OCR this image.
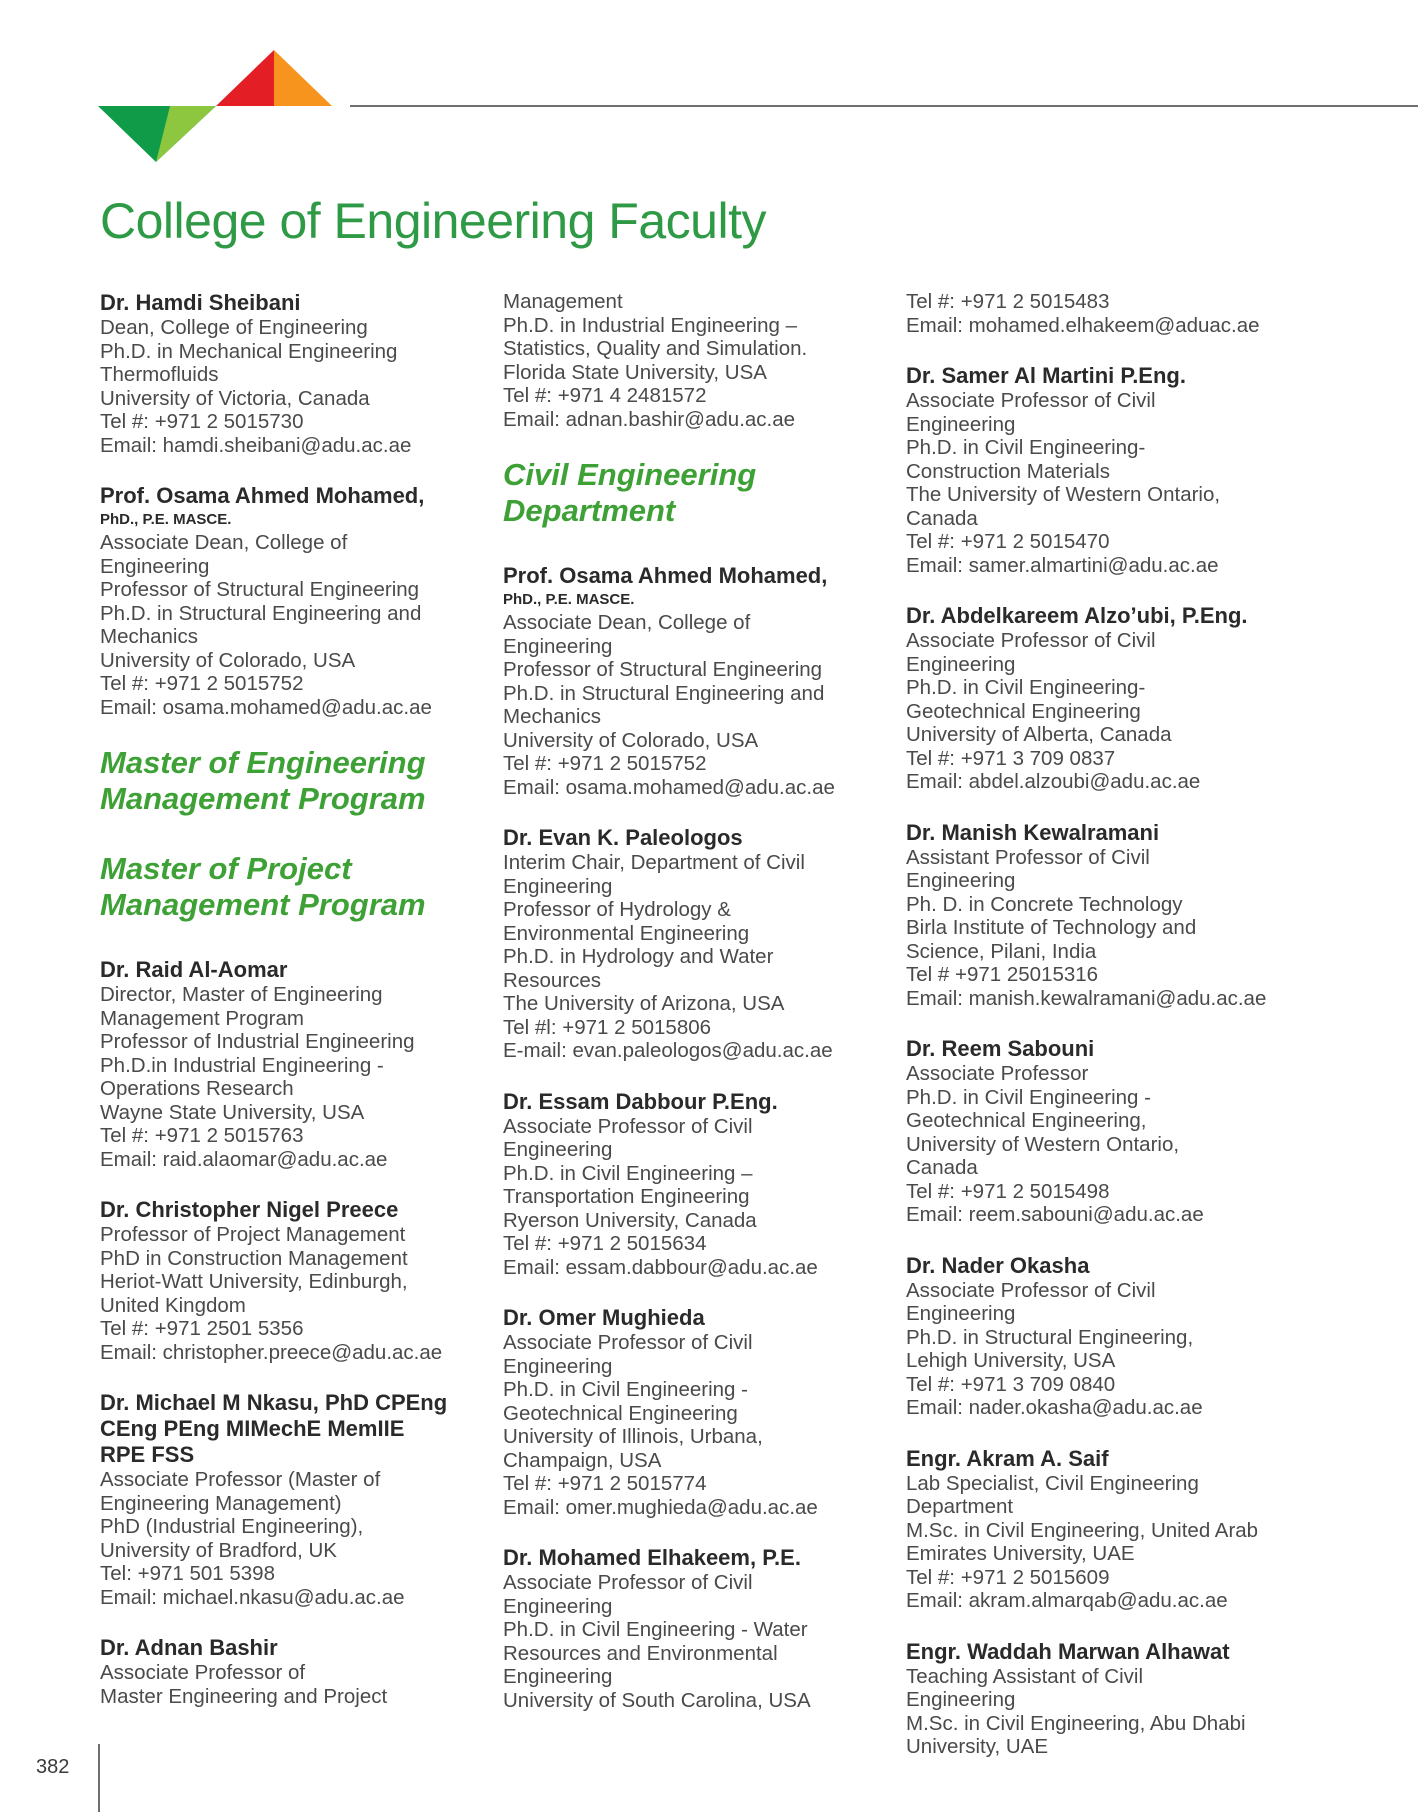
College of Engineering Faculty
Dr. Hamdi Sheibani
Dean, College of Engineering
Ph.D. in Mechanical Engineering
Thermofluids
University of Victoria, Canada
Tel #: +971 2 5015730
Email: hamdi.sheibani@adu.ac.ae
Prof. Osama Ahmed Mohamed,
PhD., P.E. MASCE.
Associate Dean, College of
Engineering
Professor of Structural Engineering
Ph.D. in Structural Engineering and
Mechanics
University of Colorado, USA
Tel #: +971 2 5015752
Email: osama.mohamed@adu.ac.ae
Master of Engineering
Management Program
Master of Project
Management Program
Dr. Raid Al-Aomar
Director, Master of Engineering
Management Program
Professor of Industrial Engineering
Ph.D.in Industrial Engineering -
Operations Research
Wayne State University, USA
Tel #: +971 2 5015763
Email: raid.alaomar@adu.ac.ae
Dr. Christopher Nigel Preece
Professor of Project Management
PhD in Construction Management
Heriot-Watt University, Edinburgh,
United Kingdom
Tel #: +971 2501 5356
Email: christopher.preece@adu.ac.ae
Dr. Michael M Nkasu, PhD CPEng
CEng PEng MIMechE MemIIE
RPE FSS
Associate Professor (Master of
Engineering Management)
PhD (Industrial Engineering),
University of Bradford, UK
Tel: +971 501 5398
Email: michael.nkasu@adu.ac.ae
Dr. Adnan Bashir
Associate Professor of
Master Engineering and Project
Management
Ph.D. in Industrial Engineering –
Statistics, Quality and Simulation.
Florida State University, USA
Tel #: +971 4 2481572
Email: adnan.bashir@adu.ac.ae
Civil Engineering
Department
Prof. Osama Ahmed Mohamed,
PhD., P.E. MASCE.
Associate Dean, College of
Engineering
Professor of Structural Engineering
Ph.D. in Structural Engineering and
Mechanics
University of Colorado, USA
Tel #: +971 2 5015752
Email: osama.mohamed@adu.ac.ae
Dr. Evan K. Paleologos
Interim Chair, Department of Civil
Engineering
Professor of Hydrology &
Environmental Engineering
Ph.D. in Hydrology and Water
Resources
The University of Arizona, USA
Tel #l: +971 2 5015806
E-mail: evan.paleologos@adu.ac.ae
Dr. Essam Dabbour P.Eng.
Associate Professor of Civil
Engineering
Ph.D. in Civil Engineering –
Transportation Engineering
Ryerson University, Canada
Tel #: +971 2 5015634
Email: essam.dabbour@adu.ac.ae
Dr. Omer Mughieda
Associate Professor of Civil
Engineering
Ph.D. in Civil Engineering -
Geotechnical Engineering
University of Illinois, Urbana,
Champaign, USA
Tel #: +971 2 5015774
Email: omer.mughieda@adu.ac.ae
Dr. Mohamed Elhakeem, P.E.
Associate Professor of Civil
Engineering
Ph.D. in Civil Engineering - Water
Resources and Environmental
Engineering
University of South Carolina, USA
Tel #: +971 2 5015483
Email: mohamed.elhakeem@aduac.ae
Dr. Samer Al Martini P.Eng.
Associate Professor of Civil
Engineering
Ph.D. in Civil Engineering-
Construction Materials
The University of Western Ontario,
Canada
Tel #: +971 2 5015470
Email: samer.almartini@adu.ac.ae
Dr. Abdelkareem Alzo’ubi, P.Eng.
Associate Professor of Civil
Engineering
Ph.D. in Civil Engineering-
Geotechnical Engineering
University of Alberta, Canada
Tel #: +971 3 709 0837
Email: abdel.alzoubi@adu.ac.ae
Dr. Manish Kewalramani
Assistant Professor of Civil
Engineering
Ph. D. in Concrete Technology
Birla Institute of Technology and
Science, Pilani, India
Tel # +971 25015316
Email: manish.kewalramani@adu.ac.ae
Dr. Reem Sabouni
Associate Professor
Ph.D. in Civil Engineering -
Geotechnical Engineering,
University of Western Ontario,
Canada
Tel #: +971 2 5015498
Email: reem.sabouni@adu.ac.ae
Dr. Nader Okasha
Associate Professor of Civil
Engineering
Ph.D. in Structural Engineering,
Lehigh University, USA
Tel #: +971 3 709 0840
Email: nader.okasha@adu.ac.ae
Engr. Akram A. Saif
Lab Specialist, Civil Engineering
Department
M.Sc. in Civil Engineering, United Arab
Emirates University, UAE
Tel #: +971 2 5015609
Email: akram.almarqab@adu.ac.ae
Engr. Waddah Marwan Alhawat
Teaching Assistant of Civil
Engineering
M.Sc. in Civil Engineering, Abu Dhabi
University, UAE
382
